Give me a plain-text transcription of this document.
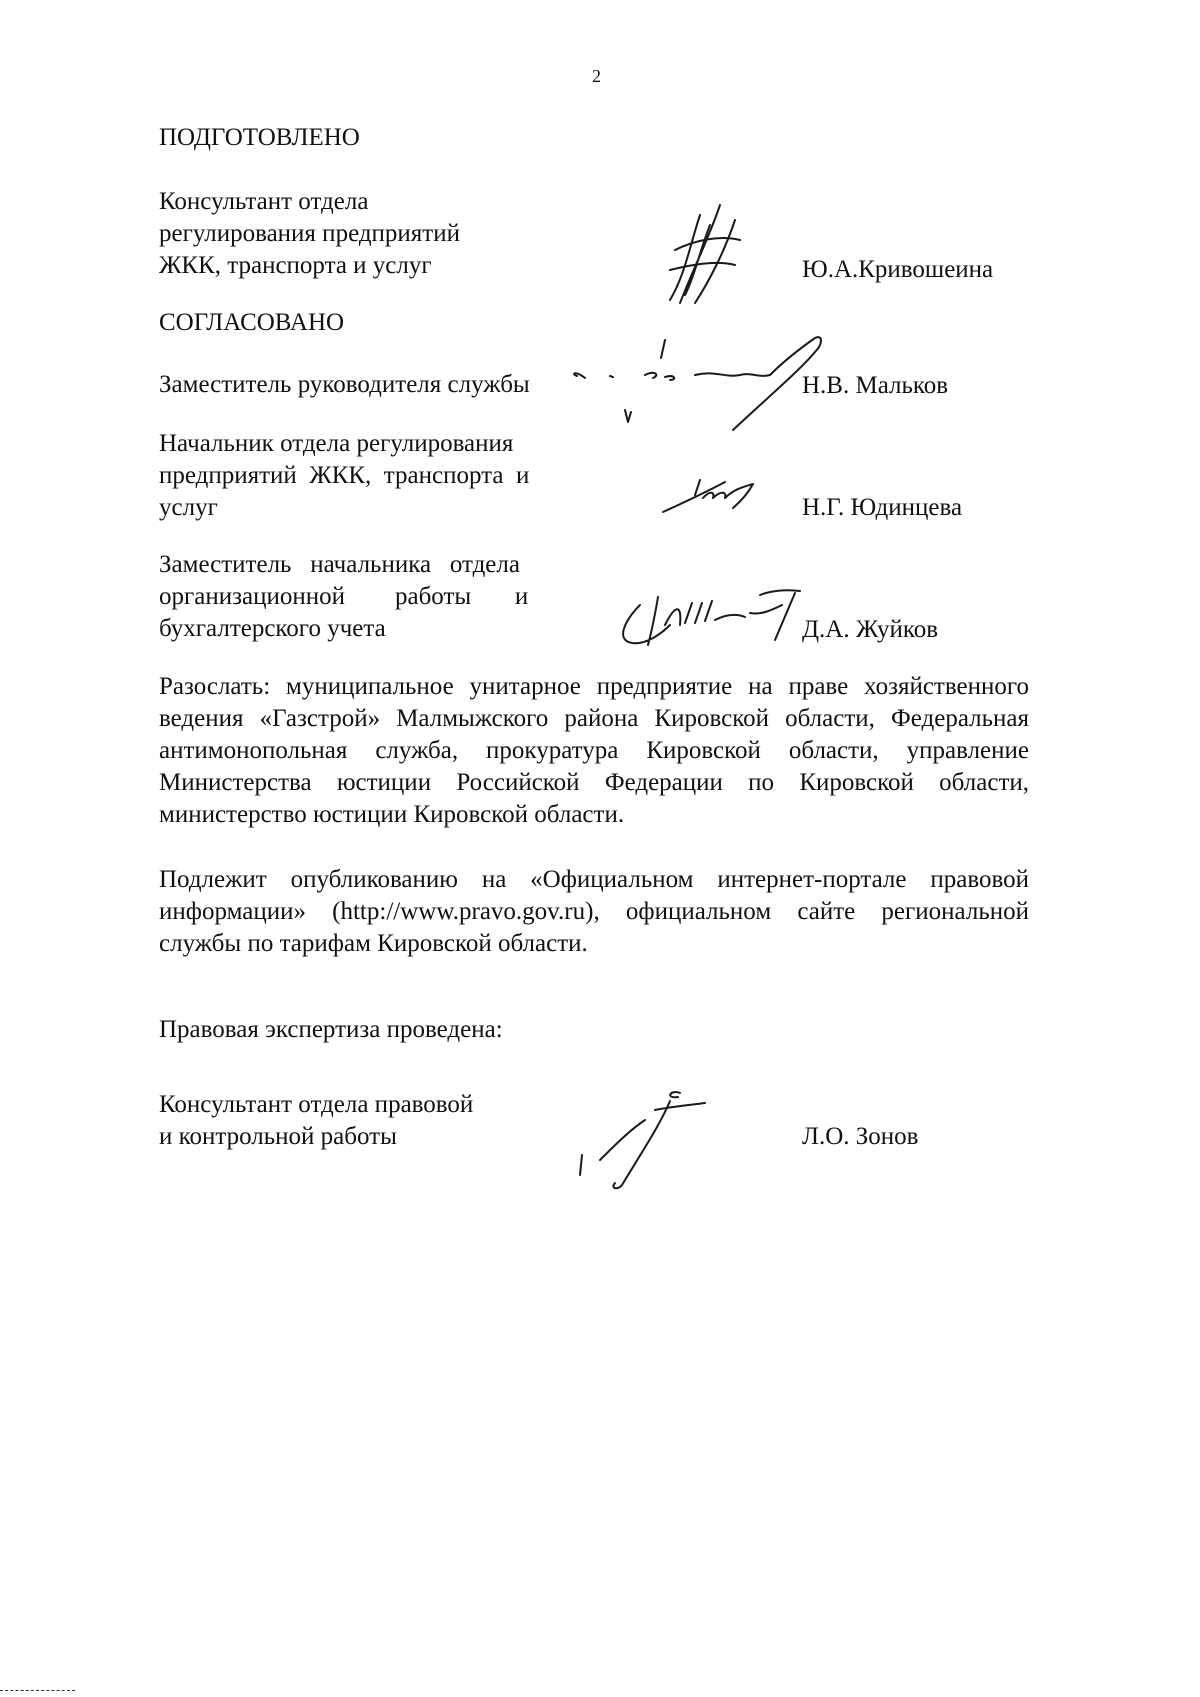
2
ПОДГОТОВЛЕНО
Консультант отдела
регулирования предприятий
ЖКК, транспорта и услуг	Ю.А.Кривошеина
СОГЛАСОВАНО
Заместитель руководителя службы	Н.В. Мальков
Начальник отдела регулирования
предприятий  ЖКК,  транспорта  и
услуг	Н.Г. Юдинцева
Заместитель   начальника   отдела
организационной        работы       и
бухгалтерского учета	Д.А. Жуйков
Разослать: муниципальное унитарное предприятие на праве хозяйственного
ведения «Газстрой» Малмыжского района Кировской области, Федеральная
антимонопольная служба, прокуратура Кировской области, управление
Министерства юстиции Российской Федерации по Кировской области,
министерство юстиции Кировской области.
Подлежит опубликованию на «Официальном интернет-портале правовой
информации» (http://www.pravo.gov.ru), официальном сайте региональной
службы по тарифам Кировской области.
Правовая экспертиза проведена:
Консультант отдела правовой
и контрольной работы	Л.О. Зонов
